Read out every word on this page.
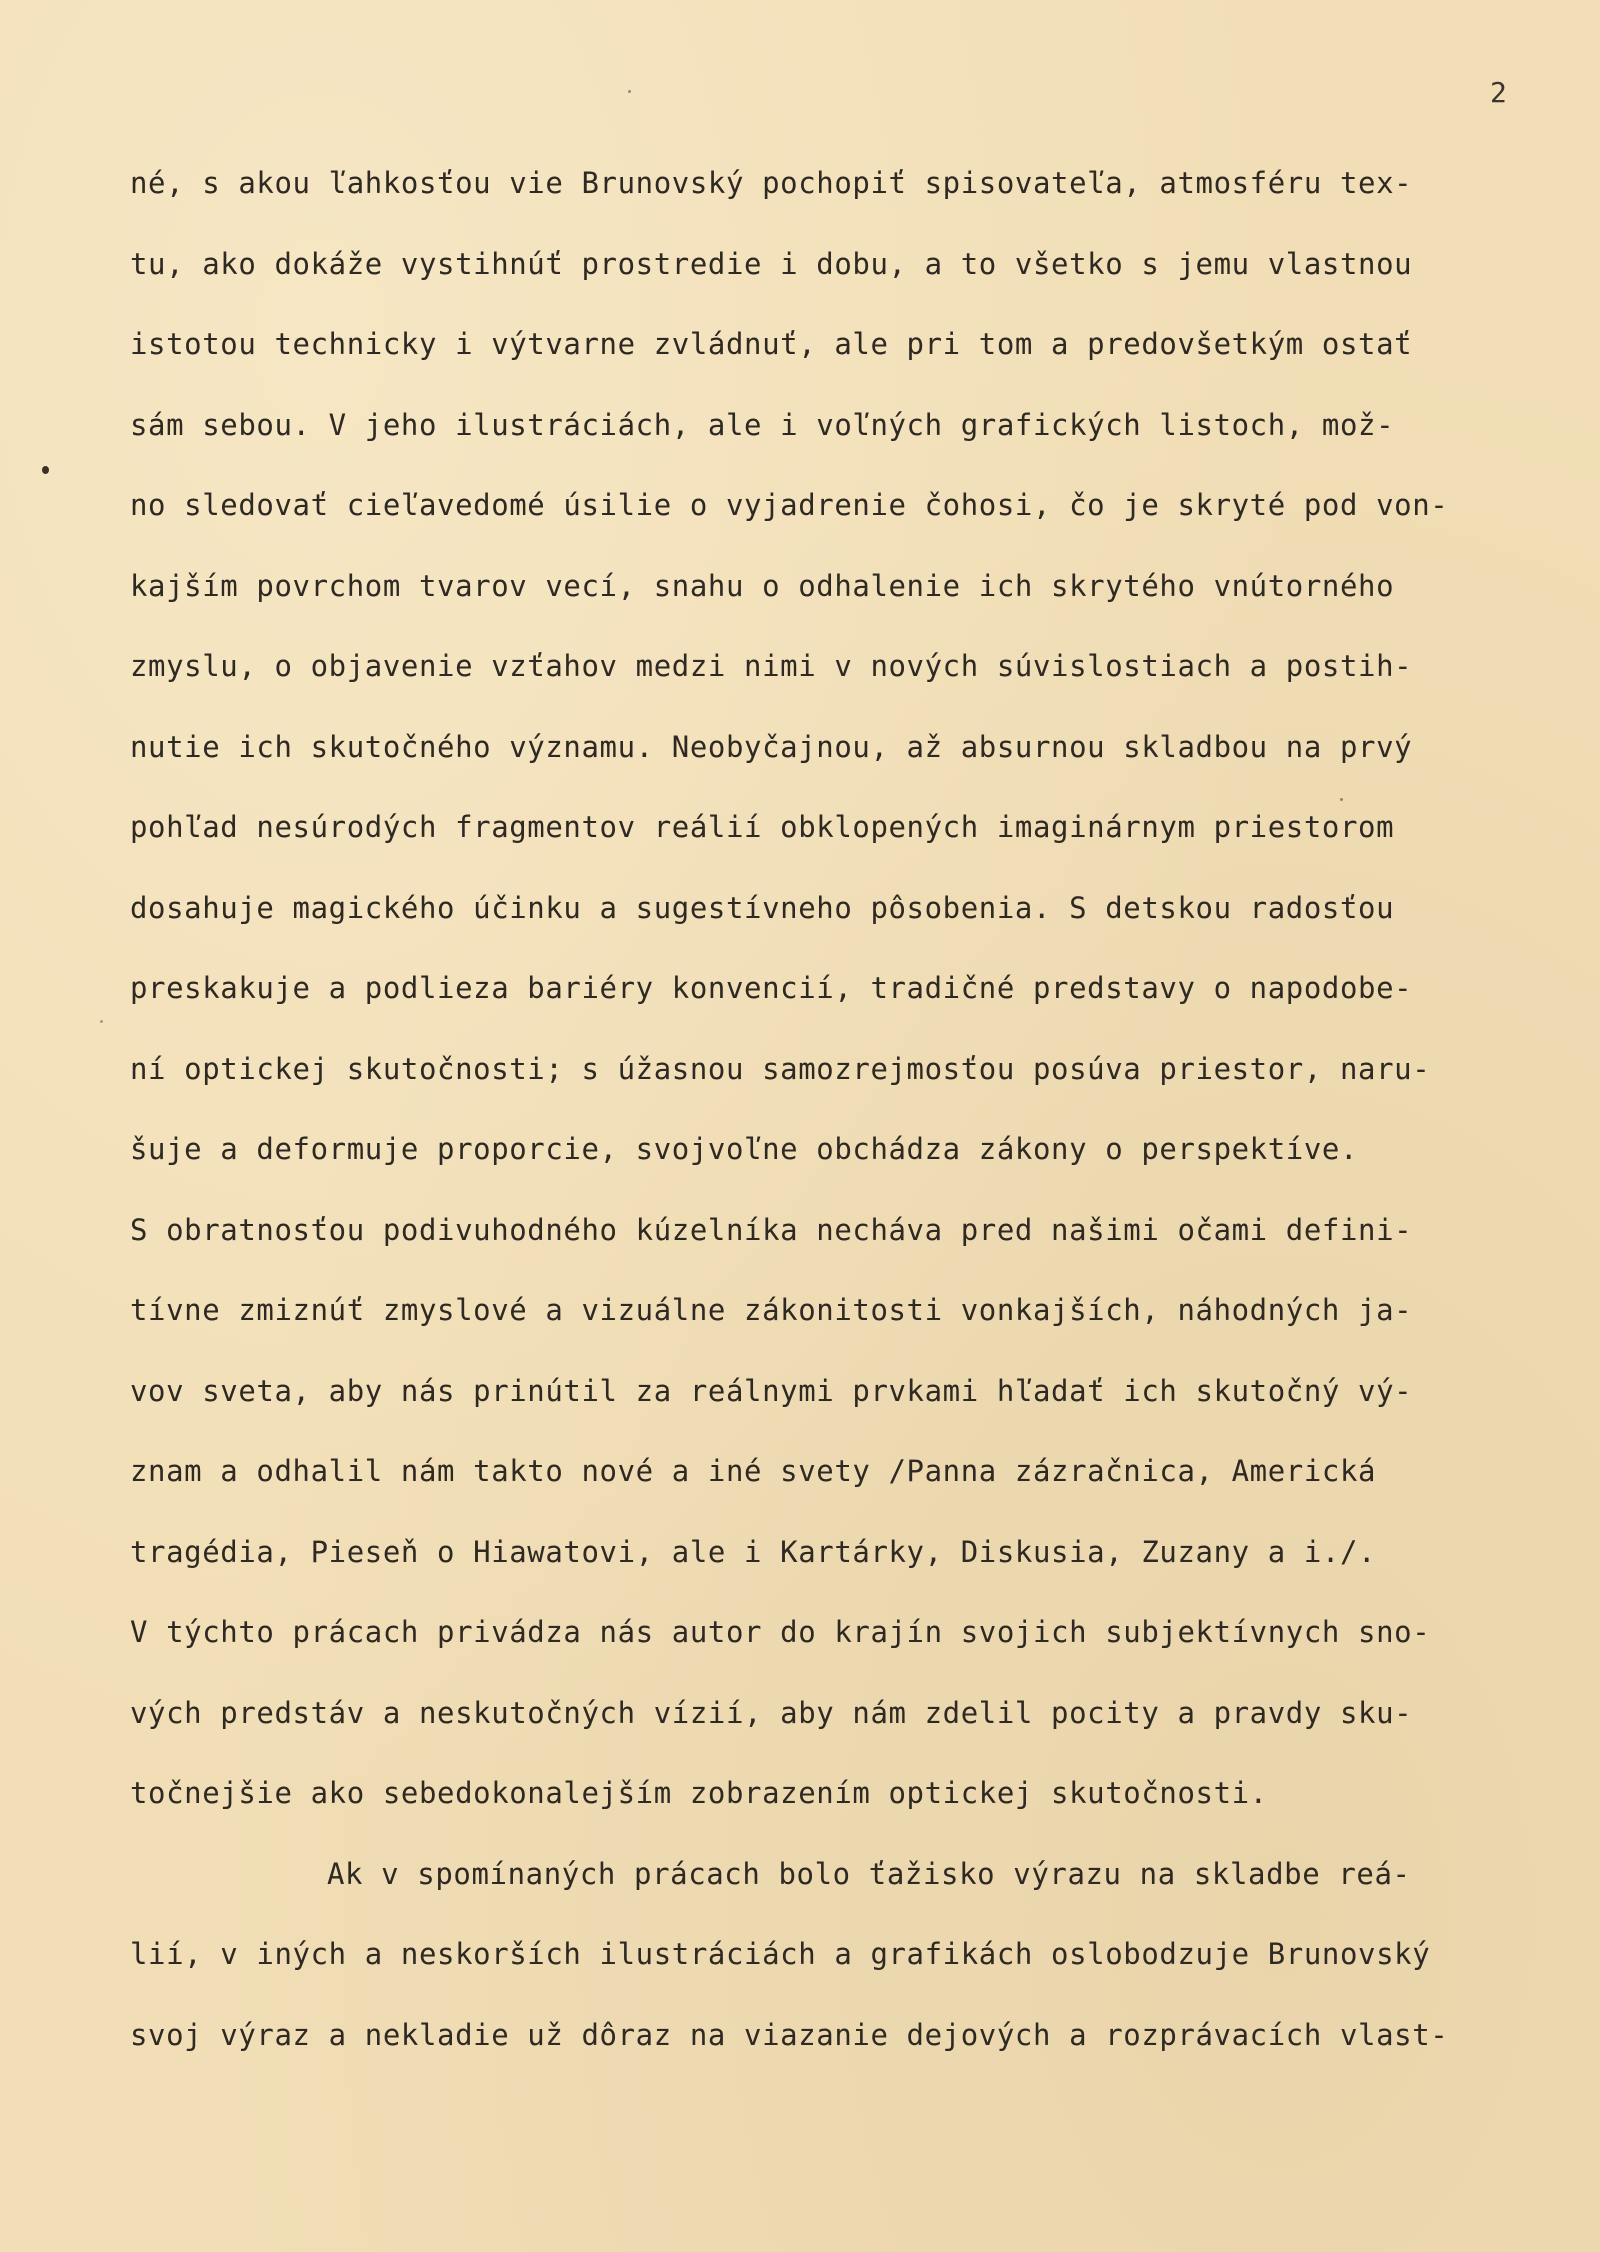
2
né, s akou ľahkosťou vie Brunovský pochopiť spisovateľa, atmosféru tex-
tu, ako dokáže vystihnúť prostredie i dobu, a to všetko s jemu vlastnou
istotou technicky i výtvarne zvládnuť, ale pri tom a predovšetkým ostať
sám sebou. V jeho ilustráciách, ale i voľných grafických listoch, mož-
no sledovať cieľavedomé úsilie o vyjadrenie čohosi, čo je skryté pod von-
kajším povrchom tvarov vecí, snahu o odhalenie ich skrytého vnútorného
zmyslu, o objavenie vzťahov medzi nimi v nových súvislostiach a postih-
nutie ich skutočného významu. Neobyčajnou, až absurnou skladbou na prvý
pohľad nesúrodých fragmentov reálií obklopených imaginárnym priestorom
dosahuje magického účinku a sugestívneho pôsobenia. S detskou radosťou
preskakuje a podlieza bariéry konvencií, tradičné predstavy o napodobe-
ní optickej skutočnosti; s úžasnou samozrejmosťou posúva priestor, naru-
šuje a deformuje proporcie, svojvoľne obchádza zákony o perspektíve.
S obratnosťou podivuhodného kúzelníka necháva pred našimi očami defini-
tívne zmiznúť zmyslové a vizuálne zákonitosti vonkajších, náhodných ja-
vov sveta, aby nás prinútil za reálnymi prvkami hľadať ich skutočný vý-
znam a odhalil nám takto nové a iné svety /Panna zázračnica, Americká
tragédia, Pieseň o Hiawatovi, ale i Kartárky, Diskusia, Zuzany a i./.
V týchto prácach privádza nás autor do krajín svojich subjektívnych sno-
vých predstáv a neskutočných vízií, aby nám zdelil pocity a pravdy sku-
točnejšie ako sebedokonalejším zobrazením optickej skutočnosti.
Ak v spomínaných prácach bolo ťažisko výrazu na skladbe reá-
lií, v iných a neskorších ilustráciách a grafikách oslobodzuje Brunovský
svoj výraz a nekladie už dôraz na viazanie dejových a rozprávacích vlast-
